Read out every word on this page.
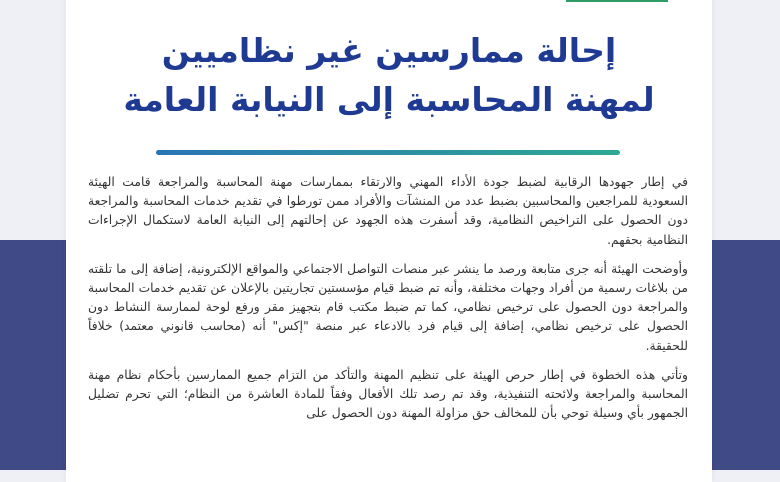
إحالة ممارسين غير نظاميين
لمهنة المحاسبة إلى النيابة العامة

في إطار جهودها الرقابية لضبط جودة الأداء المهني والارتقاء بممارسات مهنة المحاسبة والمراجعة قامت الهيئة السعودية للمراجعين والمحاسبين بضبط عدد من المنشآت والأفراد ممن تورطوا في تقديم خدمات المحاسبة والمراجعة دون الحصول على التراخيص النظامية، وقد أسفرت هذه الجهود عن إحالتهم إلى النيابة العامة لاستكمال الإجراءات النظامية بحقهم.

وأوضحت الهيئة أنه جرى متابعة ورصد ما ينشر عبر منصات التواصل الاجتماعي والمواقع الإلكترونية، إضافة إلى ما تلقته من بلاغات رسمية من أفراد وجهات مختلفة، وأنه تم ضبط قيام مؤسستين تجاريتين بالإعلان عن تقديم خدمات المحاسبة والمراجعة دون الحصول على ترخيص نظامي، كما تم ضبط مكتب قام بتجهيز مقر ورفع لوحة لممارسة النشاط دون الحصول على ترخيص نظامي، إضافة إلى قيام فرد بالادعاء عبر منصة "إكس" أنه (محاسب قانوني معتمد) خلافاً للحقيقة.

وتأتي هذه الخطوة في إطار حرص الهيئة على تنظيم المهنة والتأكد من التزام جميع الممارسين بأحكام نظام مهنة المحاسبة والمراجعة ولائحته التنفيذية، وقد تم رصد تلك الأفعال وفقاً للمادة العاشرة من النظام؛ التي تحرم تضليل الجمهور بأي وسيلة توحي بأن للمخالف حق مزاولة المهنة دون الحصول على
